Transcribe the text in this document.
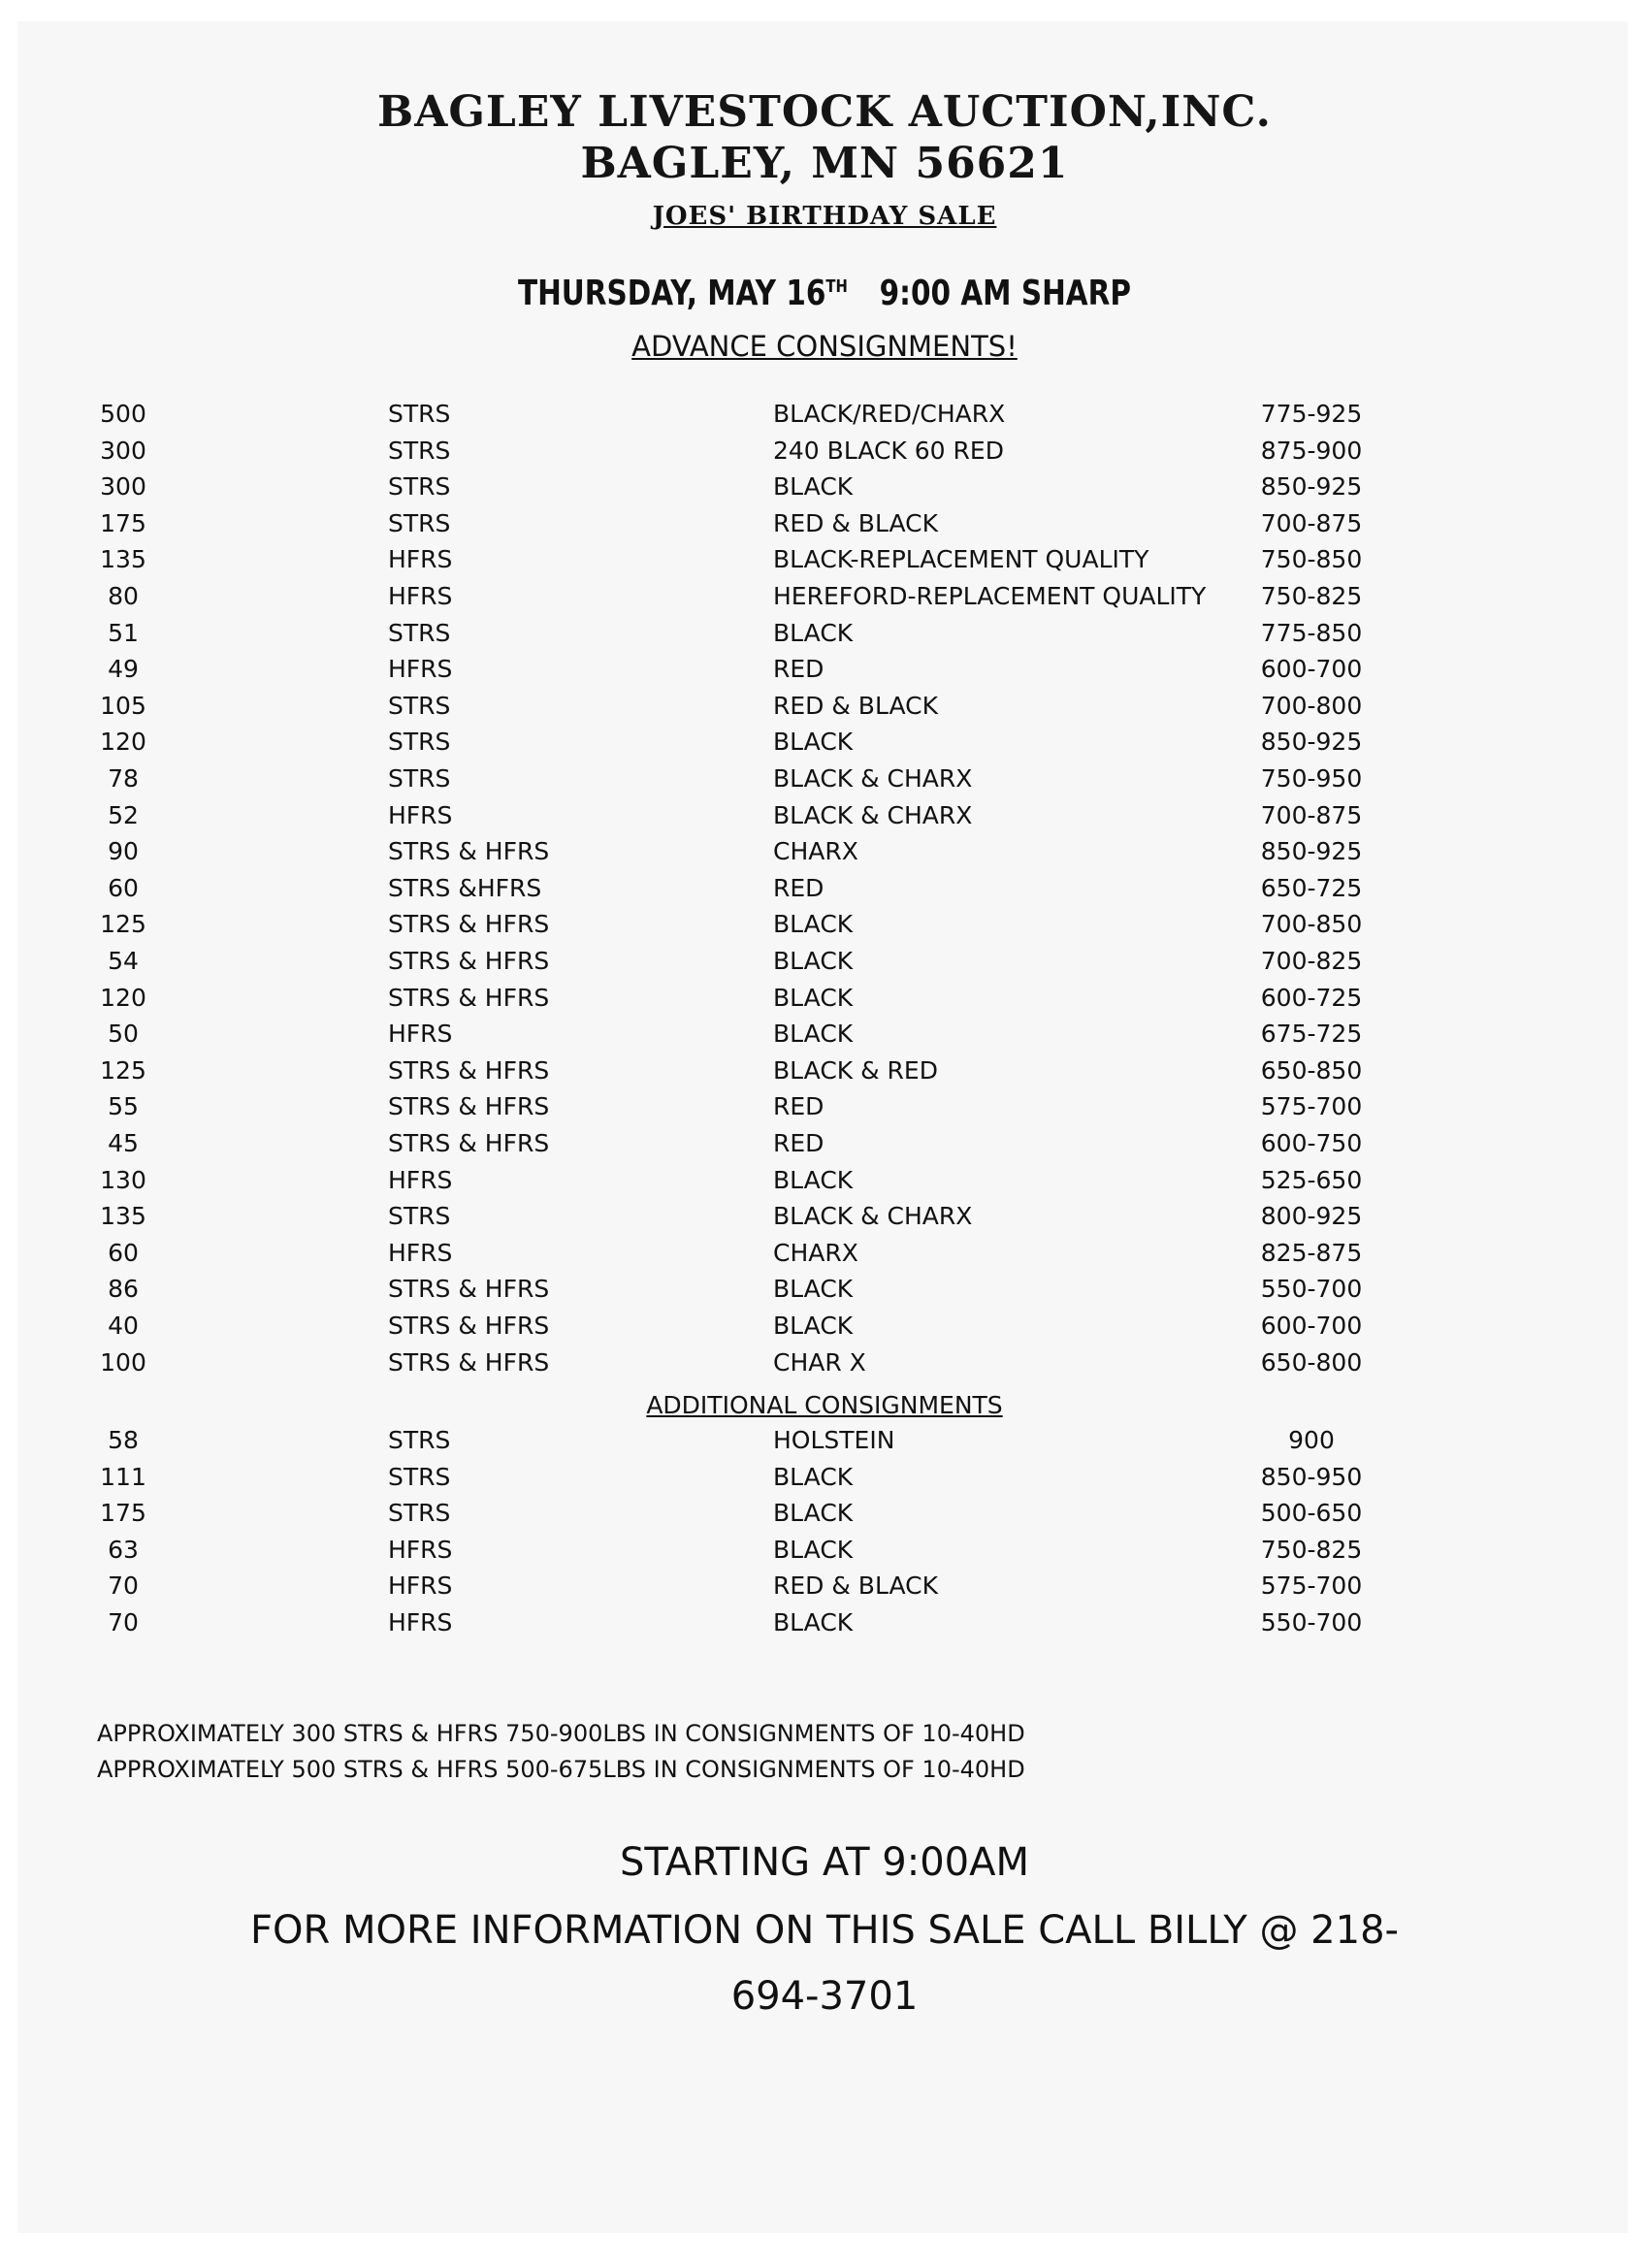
BAGLEY LIVESTOCK AUCTION,INC.
BAGLEY, MN 56621
JOES' BIRTHDAY SALE
THURSDAY, MAY 16TH 9:00 AM SHARP
ADVANCE CONSIGNMENTS!
500	STRS	BLACK/RED/CHARX	775-925
300	STRS	240 BLACK 60 RED	875-900
300	STRS	BLACK	850-925
175	STRS	RED & BLACK	700-875
135	HFRS	BLACK-REPLACEMENT QUALITY	750-850
80	HFRS	HEREFORD-REPLACEMENT QUALITY	750-825
51	STRS	BLACK	775-850
49	HFRS	RED	600-700
105	STRS	RED & BLACK	700-800
120	STRS	BLACK	850-925
78	STRS	BLACK & CHARX	750-950
52	HFRS	BLACK & CHARX	700-875
90	STRS & HFRS	CHARX	850-925
60	STRS &HFRS	RED	650-725
125	STRS & HFRS	BLACK	700-850
54	STRS & HFRS	BLACK	700-825
120	STRS & HFRS	BLACK	600-725
50	HFRS	BLACK	675-725
125	STRS & HFRS	BLACK & RED	650-850
55	STRS & HFRS	RED	575-700
45	STRS & HFRS	RED	600-750
130	HFRS	BLACK	525-650
135	STRS	BLACK & CHARX	800-925
60	HFRS	CHARX	825-875
86	STRS & HFRS	BLACK	550-700
40	STRS & HFRS	BLACK	600-700
100	STRS & HFRS	CHAR X	650-800
ADDITIONAL CONSIGNMENTS
58	STRS	HOLSTEIN	900
111	STRS	BLACK	850-950
175	STRS	BLACK	500-650
63	HFRS	BLACK	750-825
70	HFRS	RED & BLACK	575-700
70	HFRS	BLACK	550-700
APPROXIMATELY 300 STRS & HFRS 750-900LBS IN CONSIGNMENTS OF 10-40HD
APPROXIMATELY 500 STRS & HFRS 500-675LBS IN CONSIGNMENTS OF 10-40HD
STARTING AT 9:00AM
FOR MORE INFORMATION ON THIS SALE CALL BILLY @ 218-
694-3701
